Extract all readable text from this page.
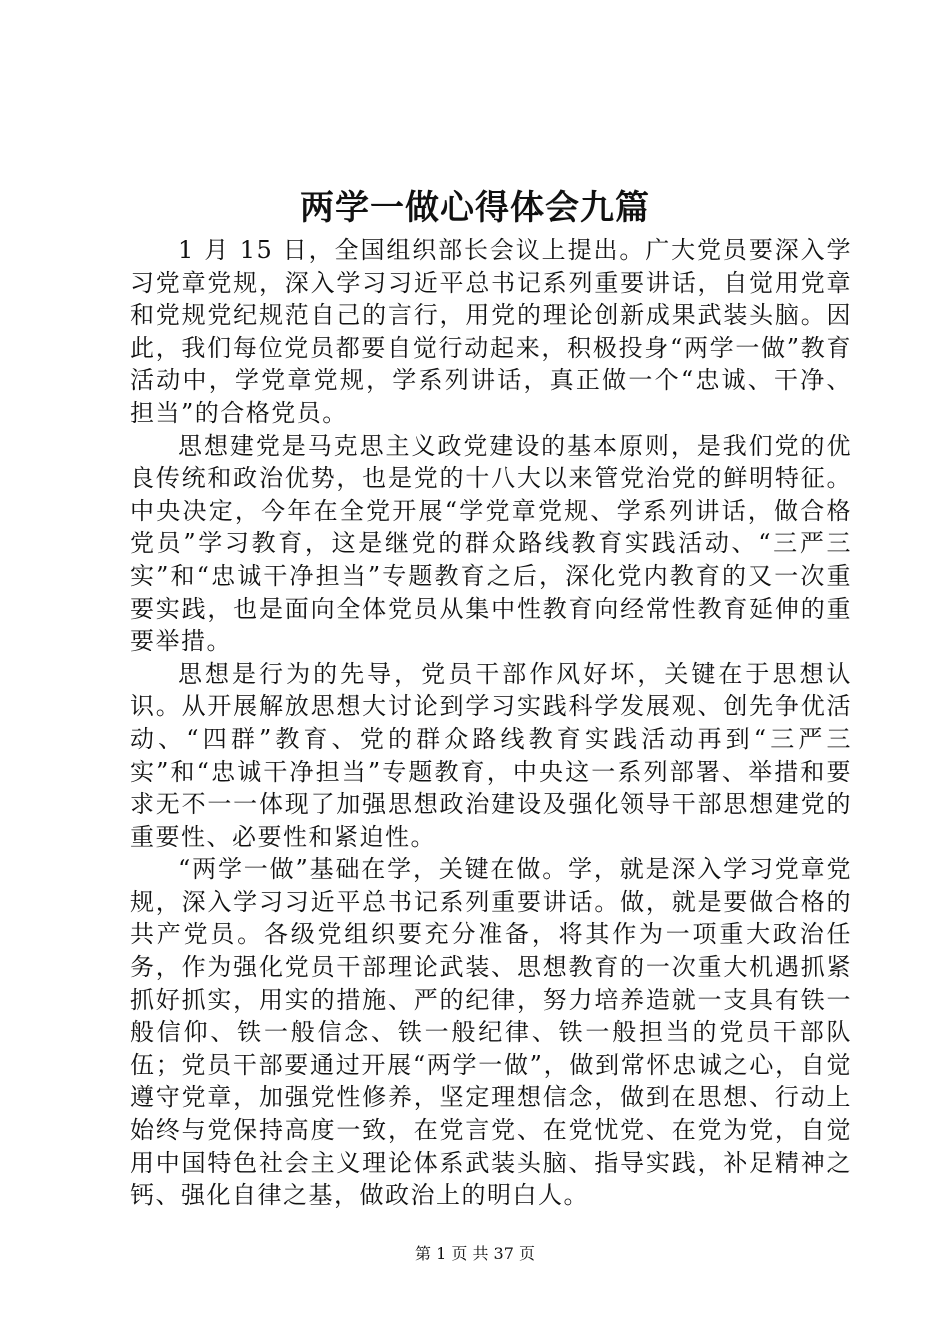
两学一做心得体会九篇

1 月 15 日，全国组织部长会议上提出。广大党员要深入学习党章党规，深入学习习近平总书记系列重要讲话，自觉用党章和党规党纪规范自己的言行，用党的理论创新成果武装头脑。因此，我们每位党员都要自觉行动起来，积极投身“两学一做”教育活动中，学党章党规，学系列讲话，真正做一个“忠诚、干净、担当”的合格党员。

思想建党是马克思主义政党建设的基本原则，是我们党的优良传统和政治优势，也是党的十八大以来管党治党的鲜明特征。中央决定，今年在全党开展“学党章党规、学系列讲话，做合格党员”学习教育，这是继党的群众路线教育实践活动、“三严三实”和“忠诚干净担当”专题教育之后，深化党内教育的又一次重要实践，也是面向全体党员从集中性教育向经常性教育延伸的重要举措。

思想是行为的先导，党员干部作风好坏，关键在于思想认识。从开展解放思想大讨论到学习实践科学发展观、创先争优活动、“四群”教育、党的群众路线教育实践活动再到“三严三实”和“忠诚干净担当”专题教育，中央这一系列部署、举措和要求无不一一体现了加强思想政治建设及强化领导干部思想建党的重要性、必要性和紧迫性。

“两学一做”基础在学，关键在做。学，就是深入学习党章党规，深入学习习近平总书记系列重要讲话。做，就是要做合格的共产党员。各级党组织要充分准备，将其作为一项重大政治任务，作为强化党员干部理论武装、思想教育的一次重大机遇抓紧抓好抓实，用实的措施、严的纪律，努力培养造就一支具有铁一般信仰、铁一般信念、铁一般纪律、铁一般担当的党员干部队伍；党员干部要通过开展“两学一做”，做到常怀忠诚之心，自觉遵守党章，加强党性修养，坚定理想信念，做到在思想、行动上始终与党保持高度一致，在党言党、在党忧党、在党为党，自觉用中国特色社会主义理论体系武装头脑、指导实践，补足精神之钙、强化自律之基，做政治上的明白人。

第 1 页 共 37 页
